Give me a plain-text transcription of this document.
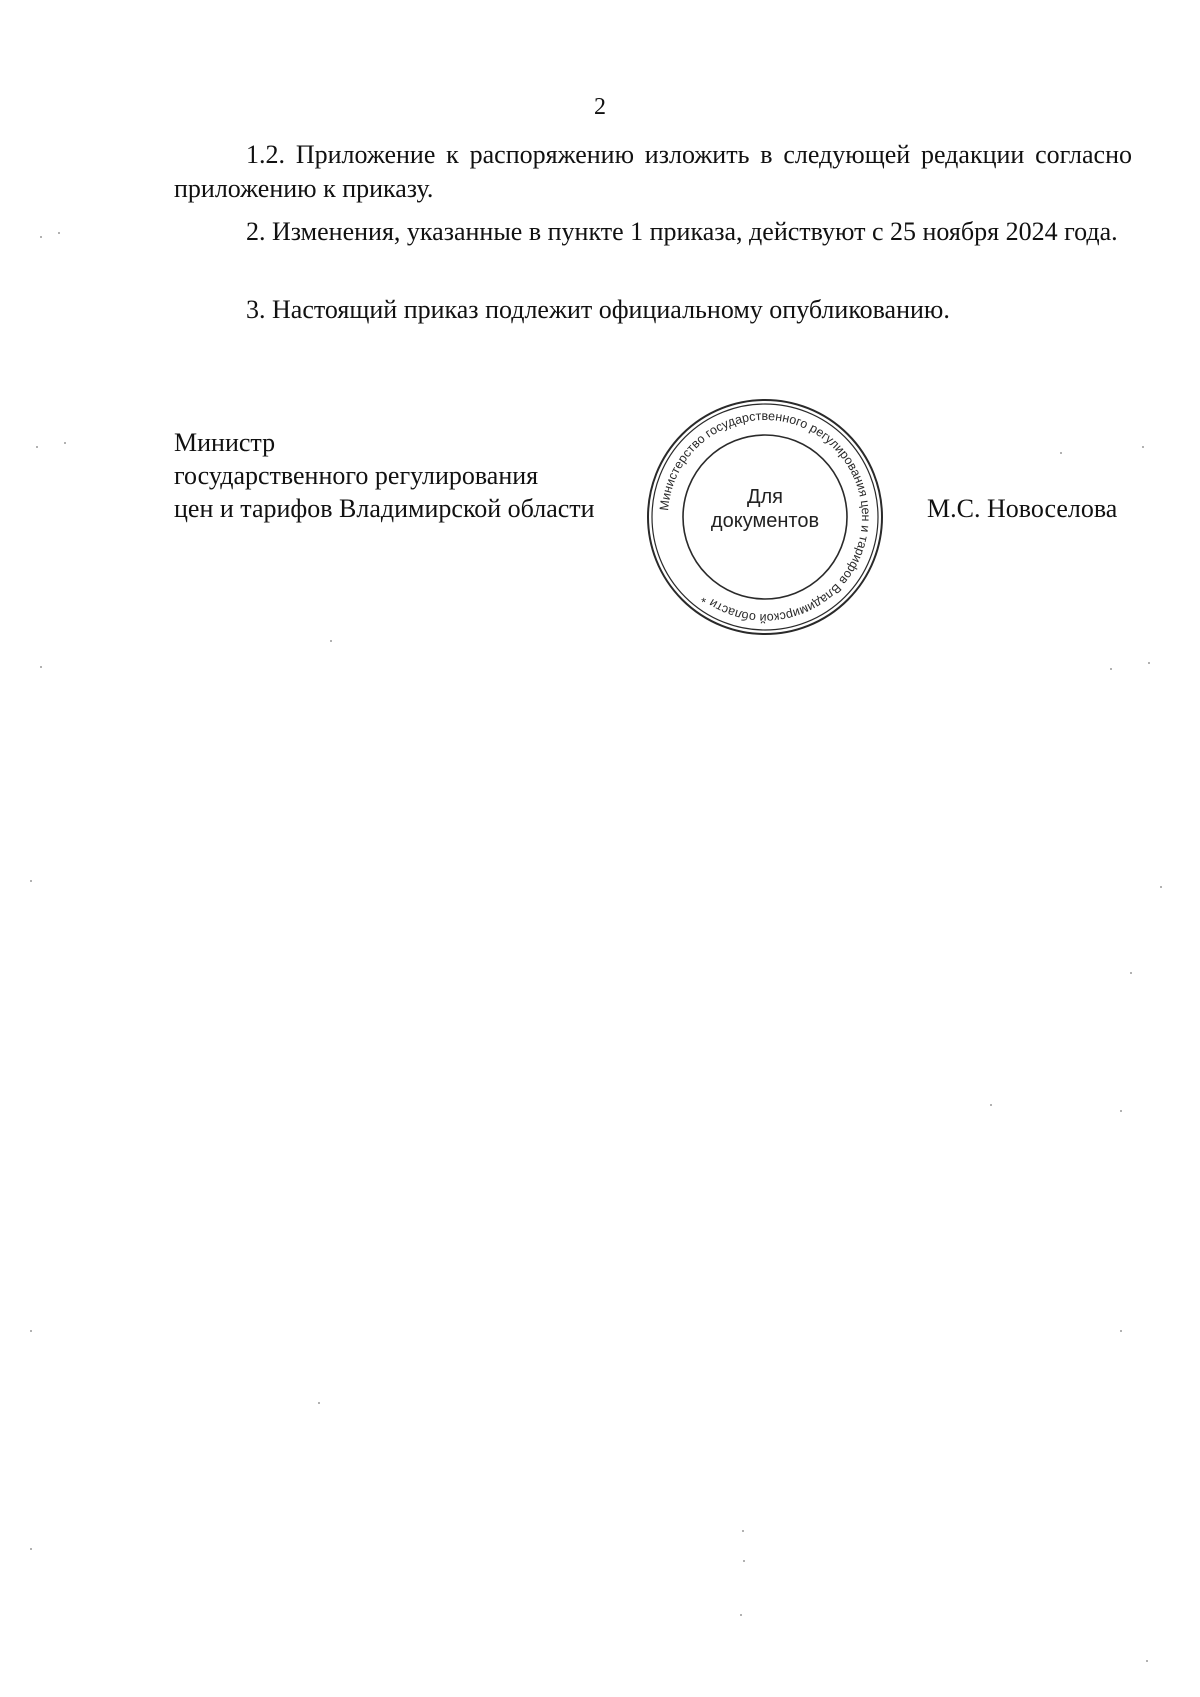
2

1.2. Приложение к распоряжению изложить в следующей редакции согласно приложению к приказу.

2. Изменения, указанные в пункте 1 приказа, действуют с 25 ноября 2024 года.

3. Настоящий приказ подлежит официальному опубликованию.

Министр
государственного регулирования
цен и тарифов Владимирской области	Министерство государственного регулирования цен и тарифов Владимирской области *
Для
документов	М.С. Новоселова
